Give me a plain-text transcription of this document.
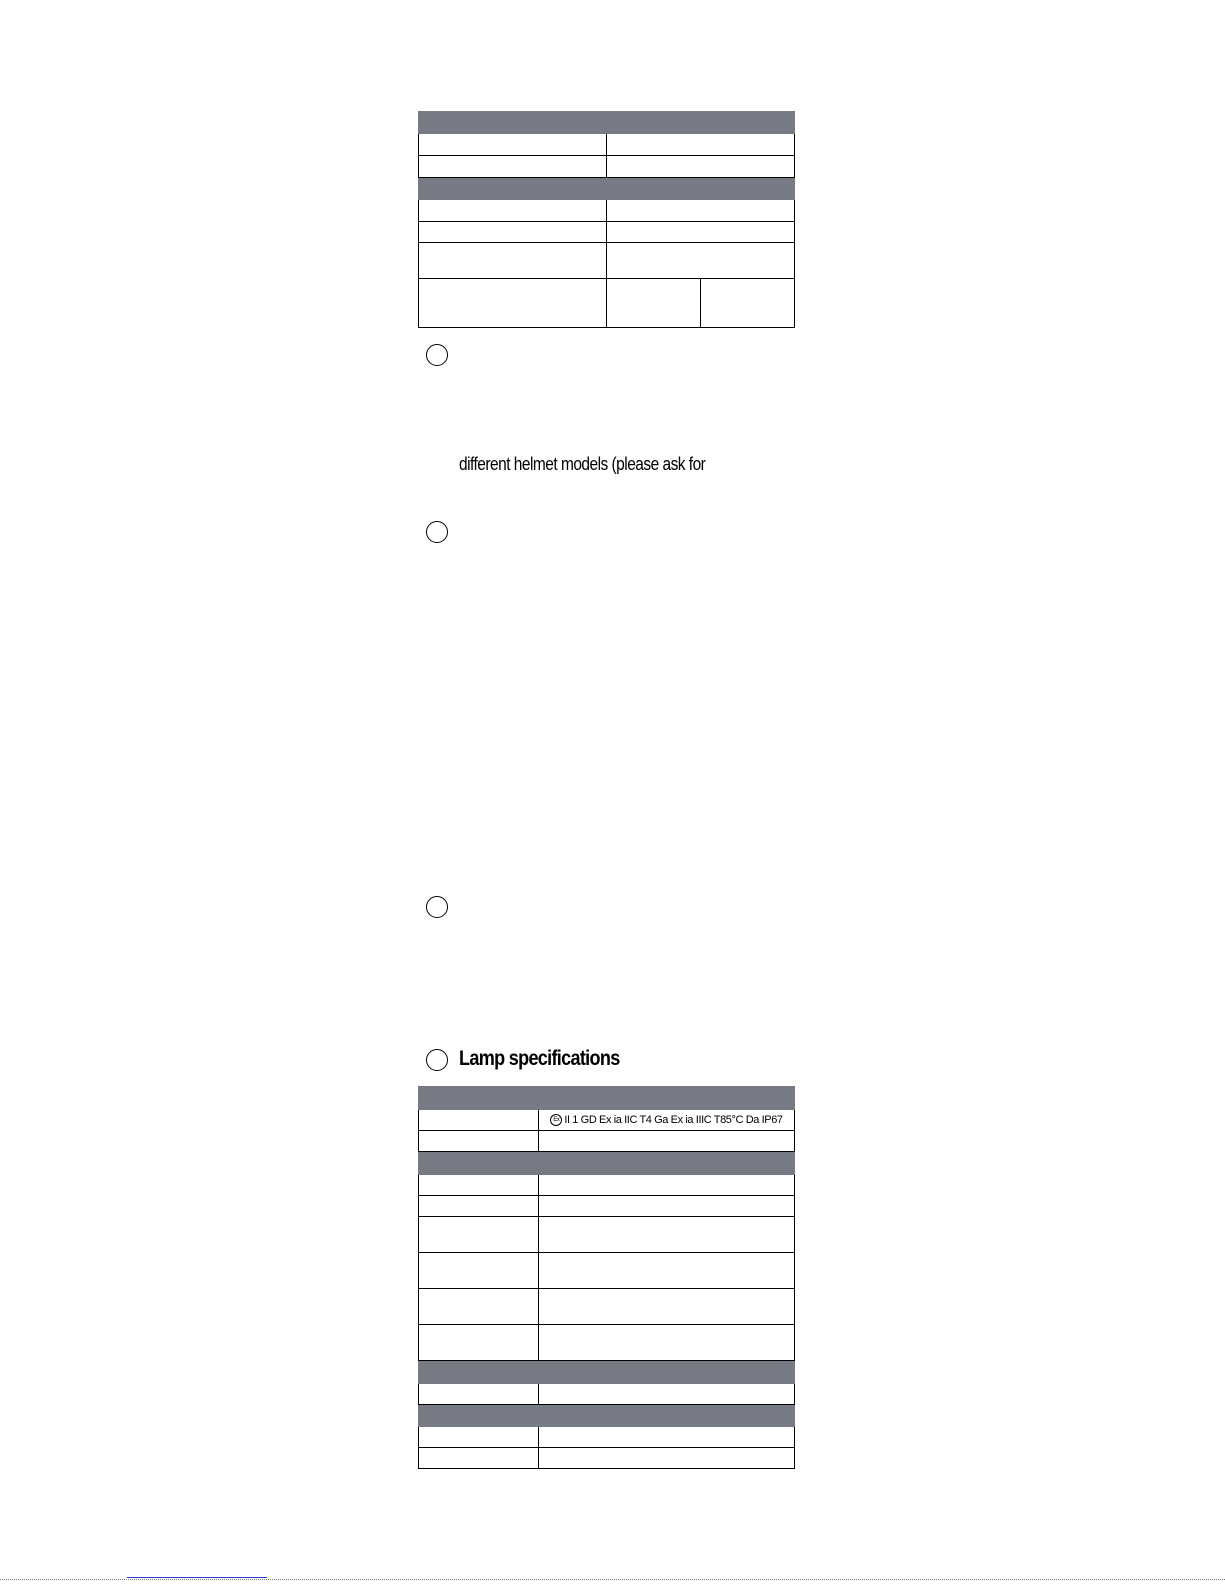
different helmet models (please ask for
Lamp specifications

	Ex II 1 GD Ex ia IIC T4 Ga Ex ia IIIC T85°C Da IP67
